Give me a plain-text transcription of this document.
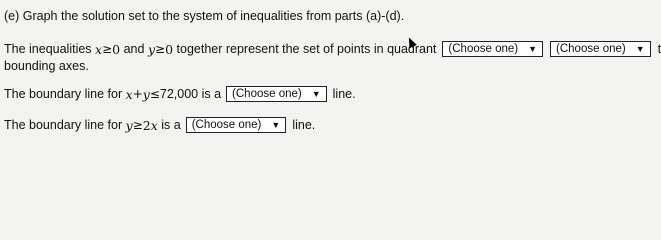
(e)
Graph the solution set to the system of inequalities from parts (a)-(d).
The inequalities
x ≥ 0
and
y ≥ 0
together represent the set of points in quadrant (Choose one) ▼ (Choose one) ▼ t
bounding axes.
The boundary line for
x + y ≤ 72,000
is a (Choose one) ▼ line.
The boundary line for
y ≥ 2 x
is a (Choose one) ▼ line.
